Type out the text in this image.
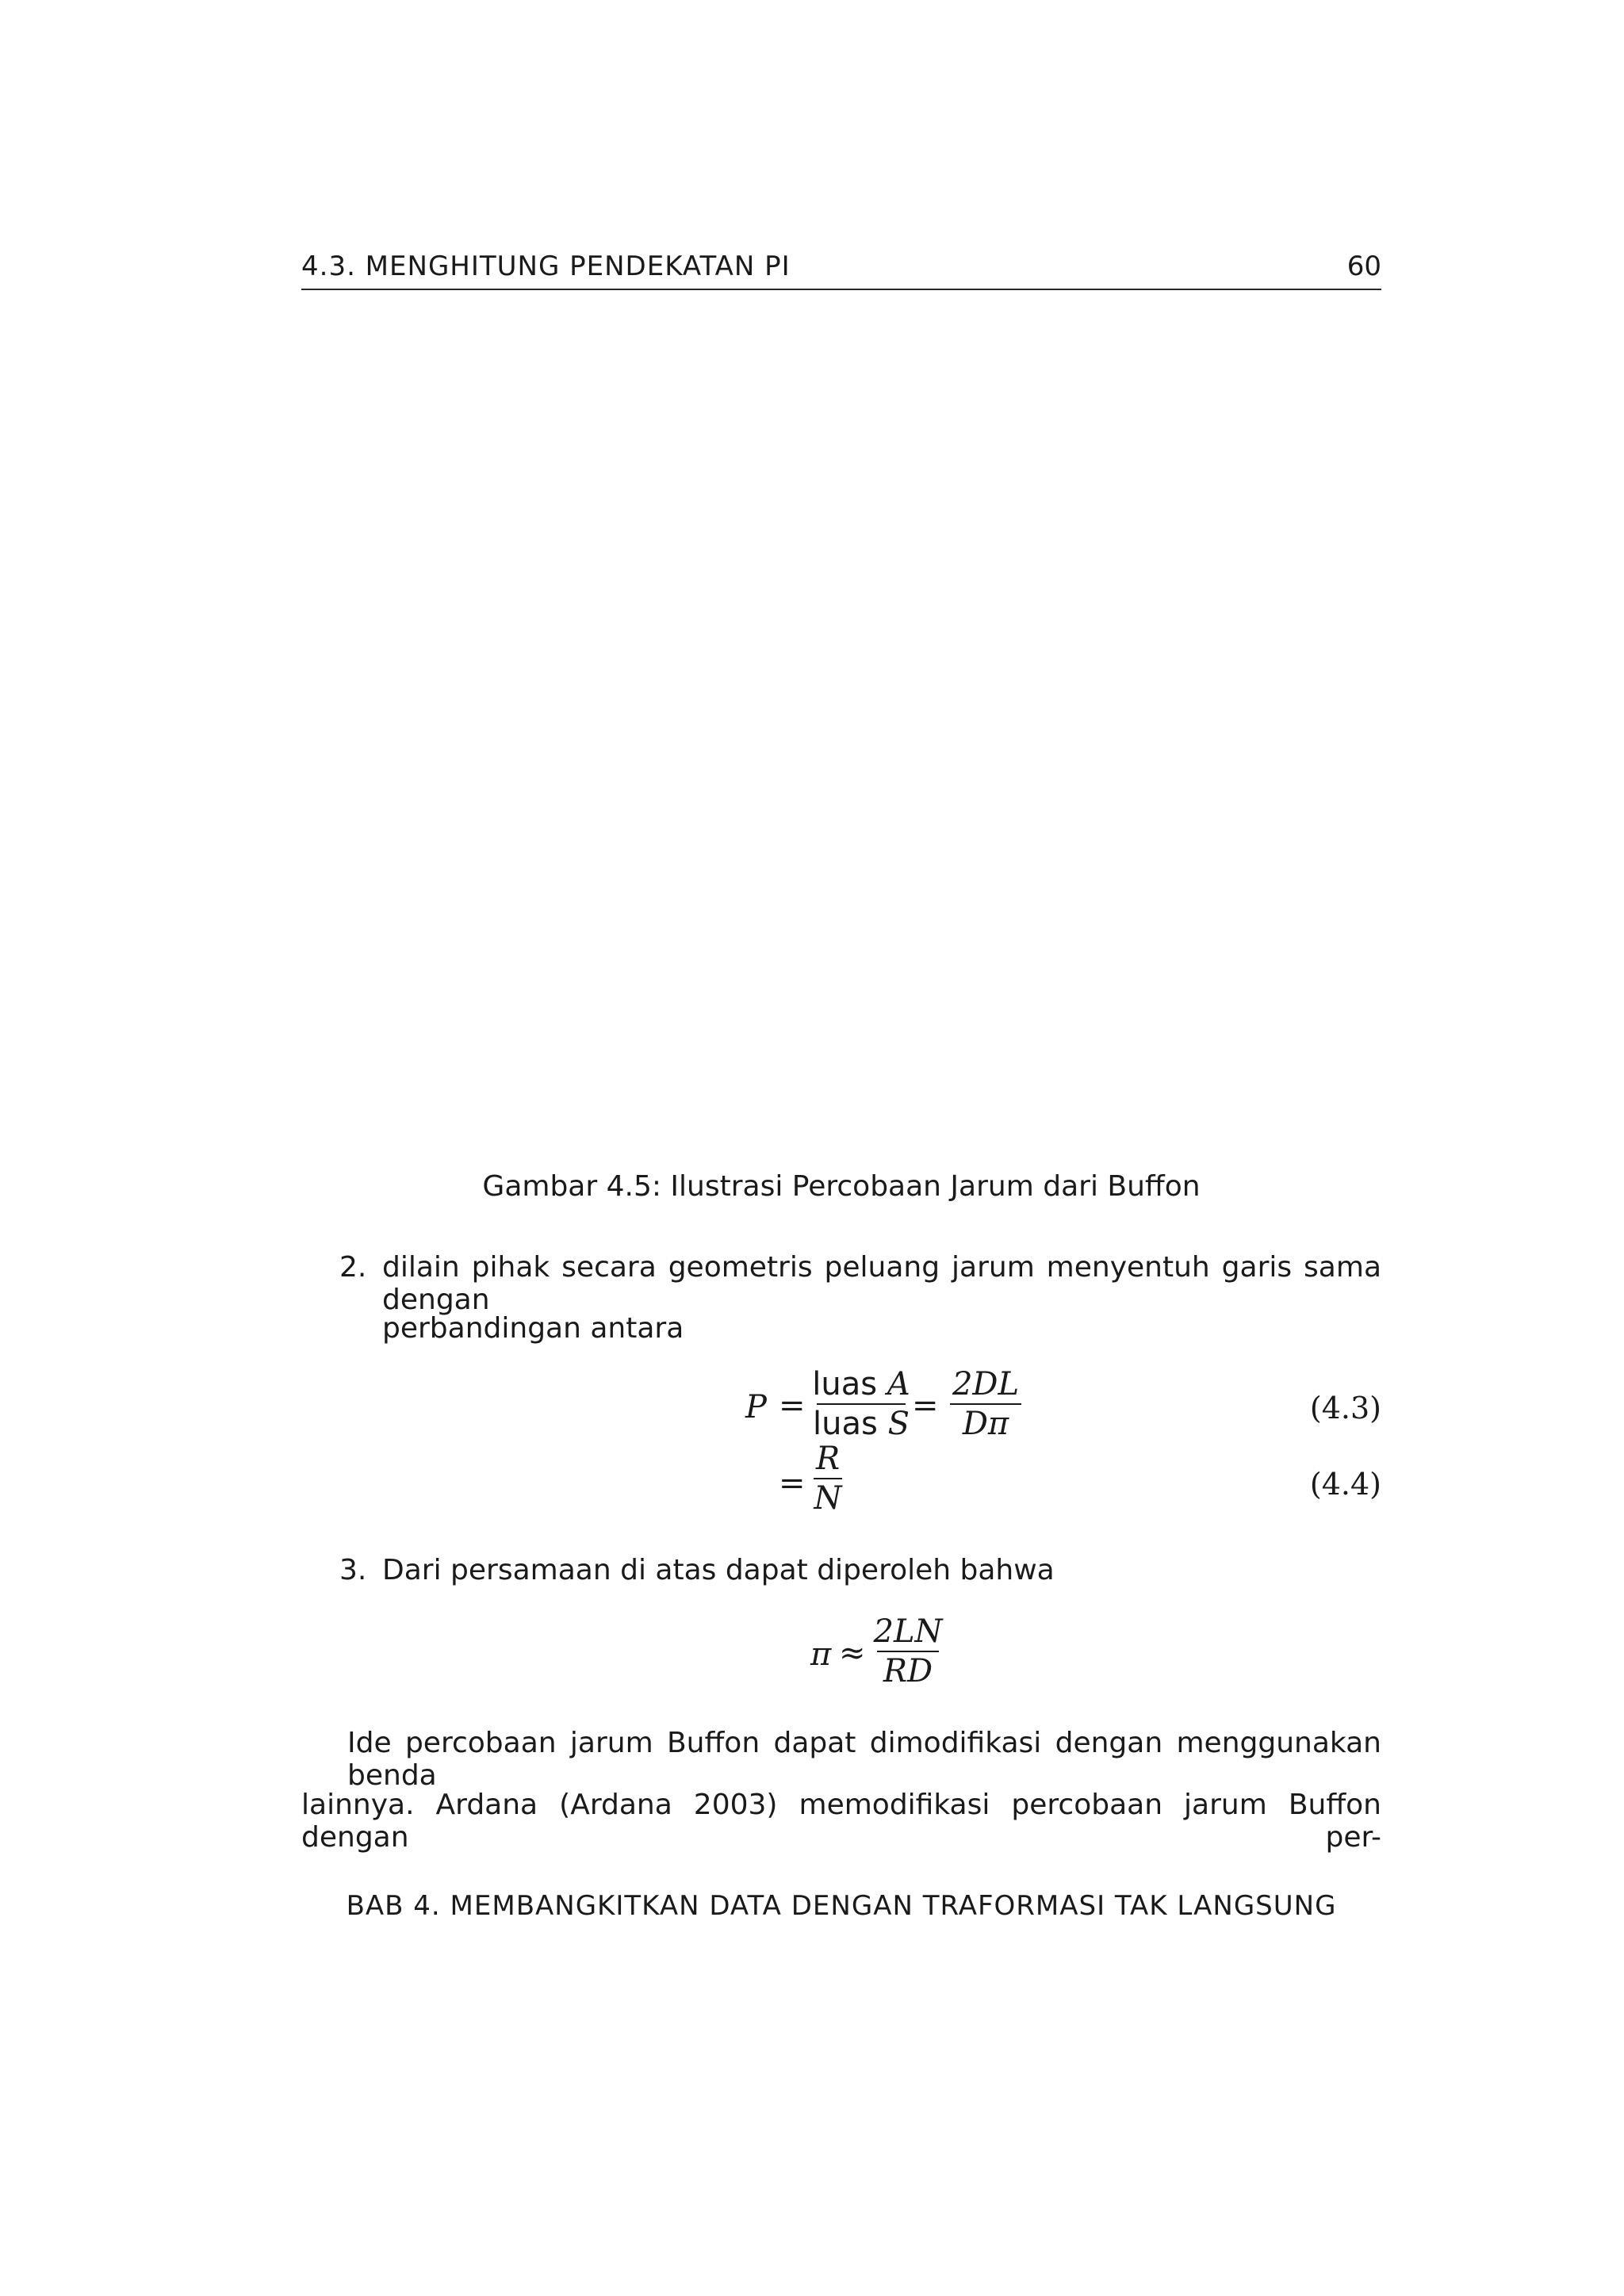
4.3. MENGHITUNG PENDEKATAN PI	60
Gambar 4.5: Ilustrasi Percobaan Jarum dari Buffon
2. dilain pihak secara geometris peluang jarum menyentuh garis sama dengan
perbandingan antara
P =
luas A
luas S =
2DL
Dπ	(4.3)
=
R
N	(4.4)
3. Dari persamaan di atas dapat diperoleh bahwa
π ≈
2LN
RD
Ide percobaan jarum Buffon dapat dimodifikasi dengan menggunakan benda
lainnya. Ardana (Ardana 2003) memodifikasi percobaan jarum Buffon dengan per-
BAB 4. MEMBANGKITKAN DATA DENGAN TRAFORMASI TAK LANGSUNG
